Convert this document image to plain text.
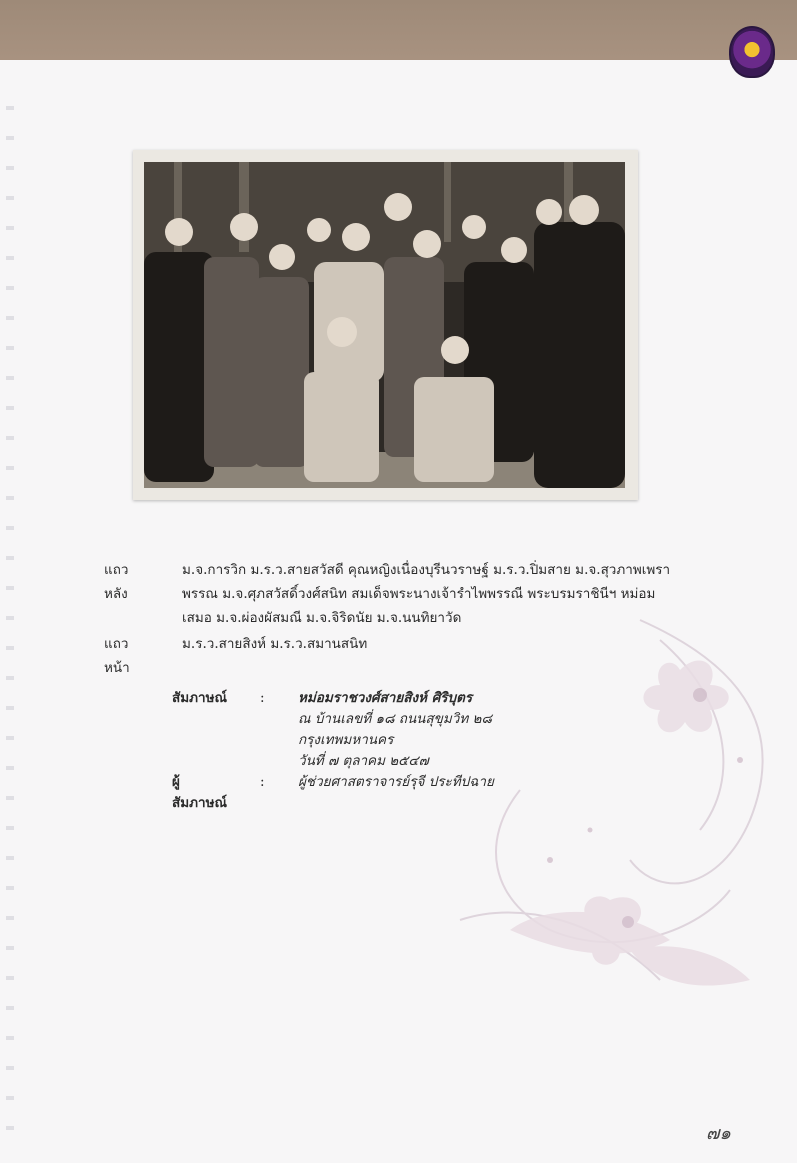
แถวหลัง
ม.จ.การวิก ม.ร.ว.สายสวัสดี คุณหญิงเนื่องบุรีนวราษฐ์ ม.ร.ว.ปิ่มสาย ม.จ.สุวภาพเพราพรรณ ม.จ.ศุภสวัสดิ์วงศ์สนิท สมเด็จพระนางเจ้ารำไพพรรณี พระบรมราชินีฯ หม่อมเสมอ ม.จ.ผ่องผัสมณี ม.จ.จิริดนัย ม.จ.นนทิยาวัด
แถวหน้า
ม.ร.ว.สายสิงห์ ม.ร.ว.สมานสนิท
สัมภาษณ์ : หม่อมราชวงศ์สายสิงห์ ศิริบุตร
ณ บ้านเลขที่ ๑๘ ถนนสุขุมวิท ๒๘
กรุงเทพมหานคร
วันที่ ๗ ตุลาคม ๒๕๔๗
ผู้สัมภาษณ์
: ผู้ช่วยศาสตราจารย์รุจี ประทีปฉาย
๗๑
